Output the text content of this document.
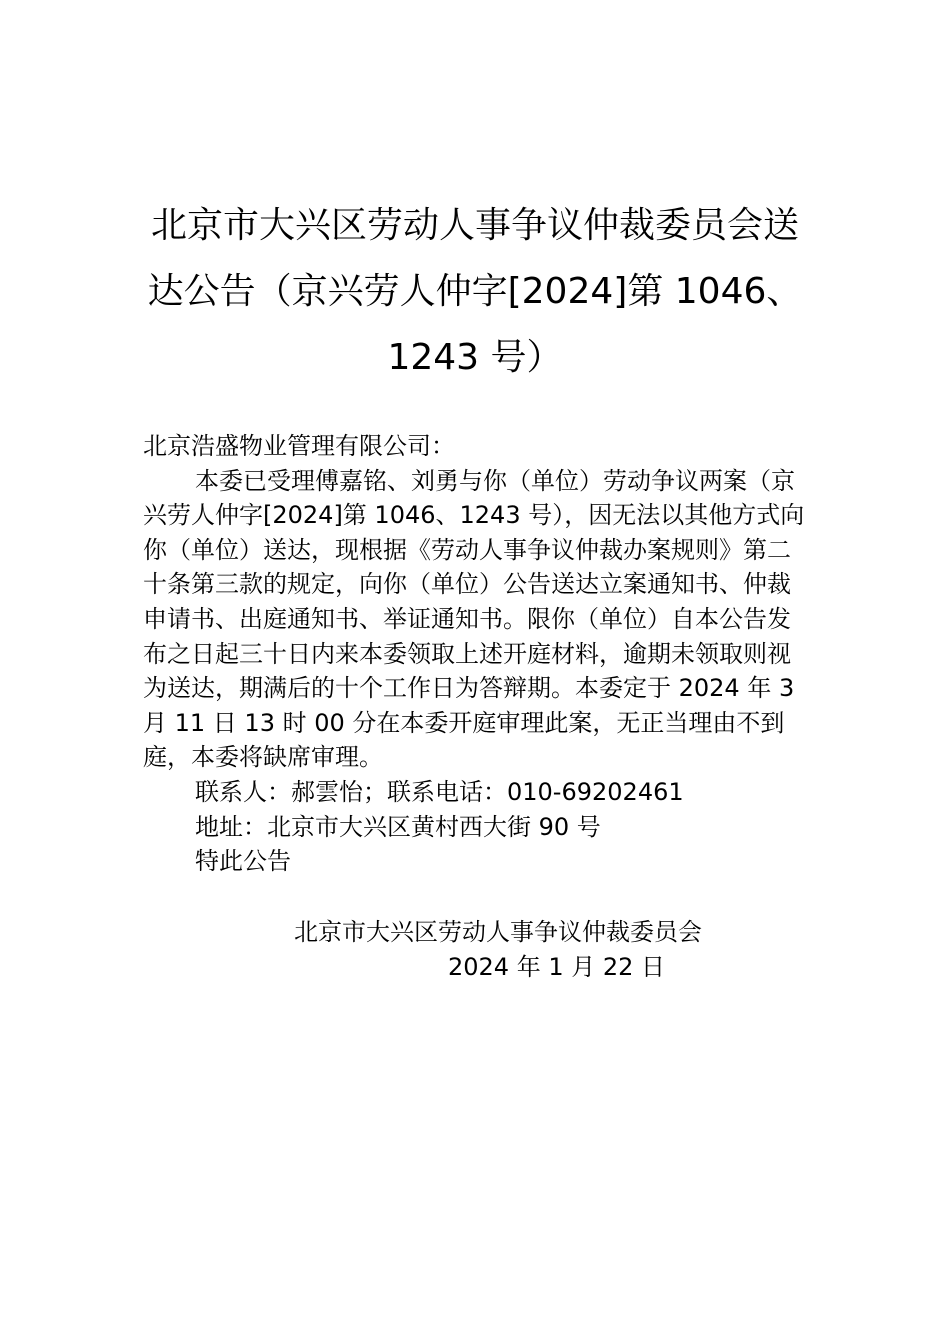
北京市大兴区劳动人事争议仲裁委员会送达公告（京兴劳人仲字[2024]第 1046、1243 号）

北京浩盛物业管理有限公司：

本委已受理傅嘉铭、刘勇与你（单位）劳动争议两案（京兴劳人仲字[2024]第 1046、1243 号），因无法以其他方式向你（单位）送达，现根据《劳动人事争议仲裁办案规则》第二十条第三款的规定，向你（单位）公告送达立案通知书、仲裁申请书、出庭通知书、举证通知书。限你（单位）自本公告发布之日起三十日内来本委领取上述开庭材料，逾期未领取则视为送达，期满后的十个工作日为答辩期。本委定于 2024 年 3 月 11 日 13 时 00 分在本委开庭审理此案，无正当理由不到庭，本委将缺席审理。

联系人：郝雲怡；联系电话：010-69202461

地址：北京市大兴区黄村西大街 90 号

特此公告

北京市大兴区劳动人事争议仲裁委员会

2024 年 1 月 22 日
